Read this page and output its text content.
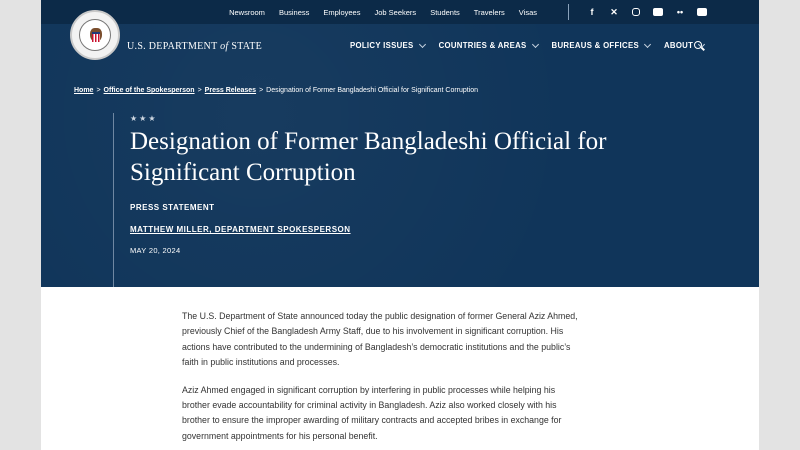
Newsroom Business Employees Job Seekers Students Travelers Visas	f	✕	••
U.S. DEPARTMENT of STATE	POLICY ISSUES	COUNTRIES & AREAS	BUREAUS & OFFICES	ABOUT
Home > Office of the Spokesperson > Press Releases > Designation of Former Bangladeshi Official for Significant Corruption
★★★
Designation of Former Bangladeshi Official for Significant Corruption
PRESS STATEMENT
MATTHEW MILLER, DEPARTMENT SPOKESPERSON
MAY 20, 2024

The U.S. Department of State announced today the public designation of former General Aziz Ahmed, previously Chief of the Bangladesh Army Staff, due to his involvement in significant corruption. His actions have contributed to the undermining of Bangladesh’s democratic institutions and the public’s faith in public institutions and processes.

Aziz Ahmed engaged in significant corruption by interfering in public processes while helping his brother evade accountability for criminal activity in Bangladesh. Aziz also worked closely with his brother to ensure the improper awarding of military contracts and accepted bribes in exchange for government appointments for his personal benefit.
